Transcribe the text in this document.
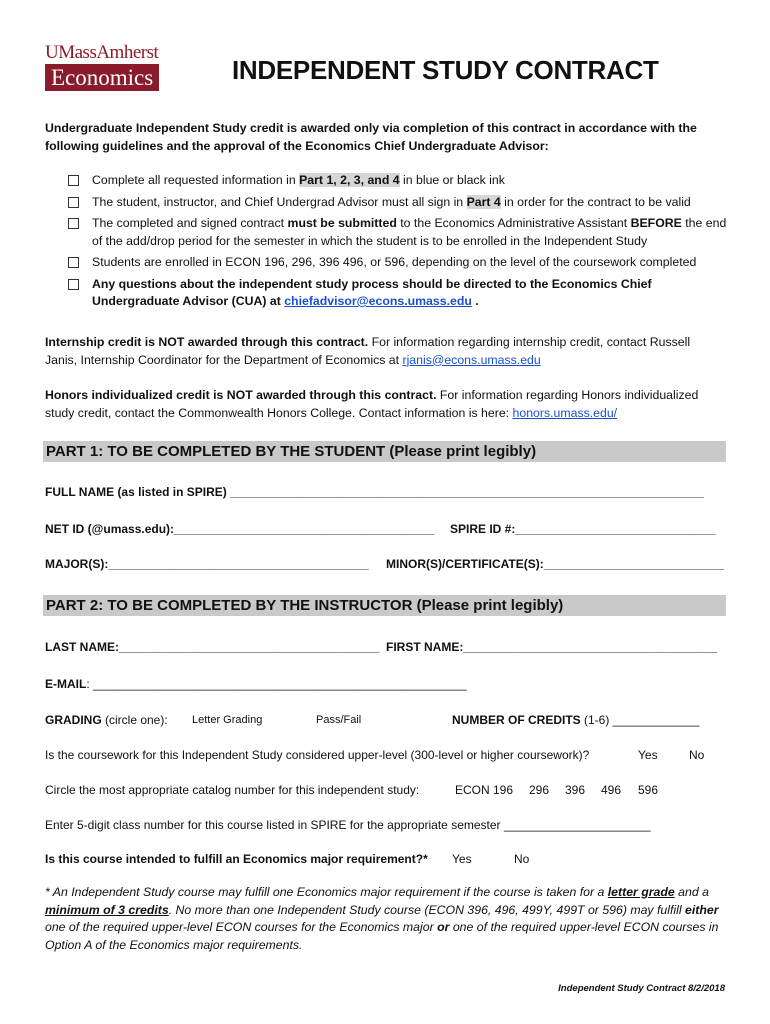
UMassAmherst
Economics	INDEPENDENT STUDY CONTRACT
Undergraduate Independent Study credit is awarded only via completion of this contract in accordance with the following guidelines and the approval of the Economics Chief Undergraduate Advisor:
Complete all requested information in Part 1, 2, 3, and 4 in blue or black ink
The student, instructor, and Chief Undergrad Advisor must all sign in Part 4 in order for the contract to be valid
The completed and signed contract must be submitted to the Economics Administrative Assistant BEFORE the end of the add/drop period for the semester in which the student is to be enrolled in the Independent Study
Students are enrolled in ECON 196, 296, 396 496, or 596, depending on the level of the coursework completed
Any questions about the independent study process should be directed to the Economics Chief Undergraduate Advisor (CUA) at chiefadvisor@econs.umass.edu .
Internship credit is NOT awarded through this contract. For information regarding internship credit, contact Russell Janis, Internship Coordinator for the Department of Economics at rjanis@econs.umass.edu
Honors individualized credit is NOT awarded through this contract. For information regarding Honors individualized study credit, contact the Commonwealth Honors College. Contact information is here: honors.umass.edu/
PART 1: TO BE COMPLETED BY THE STUDENT (Please print legibly)
FULL NAME (as listed in SPIRE) _______________________________________________________________________
NET ID (@umass.edu):_______________________________________ SPIRE ID #:______________________________
MAJOR(S):_______________________________________ MINOR(S)/CERTIFICATE(S):___________________________
PART 2: TO BE COMPLETED BY THE INSTRUCTOR (Please print legibly)
LAST NAME:_______________________________________ FIRST NAME:______________________________________
E-MAIL: ________________________________________________________
GRADING (circle one): Letter Grading	Pass/Fail	NUMBER OF CREDITS (1-6) _____________
Is the coursework for this Independent Study considered upper-level (300-level or higher coursework)?	Yes	No
Circle the most appropriate catalog number for this independent study:	ECON 196 296 396 496 596
Enter 5-digit class number for this course listed in SPIRE for the appropriate semester ______________________
Is this course intended to fulfill an Economics major requirement?* Yes	No
* An Independent Study course may fulfill one Economics major requirement if the course is taken for a letter grade and a minimum of 3 credits. No more than one Independent Study course (ECON 396, 496, 499Y, 499T or 596) may fulfill either one of the required upper-level ECON courses for the Economics major or one of the required upper-level ECON courses in Option A of the Economics major requirements.
Independent Study Contract 8/2/2018
